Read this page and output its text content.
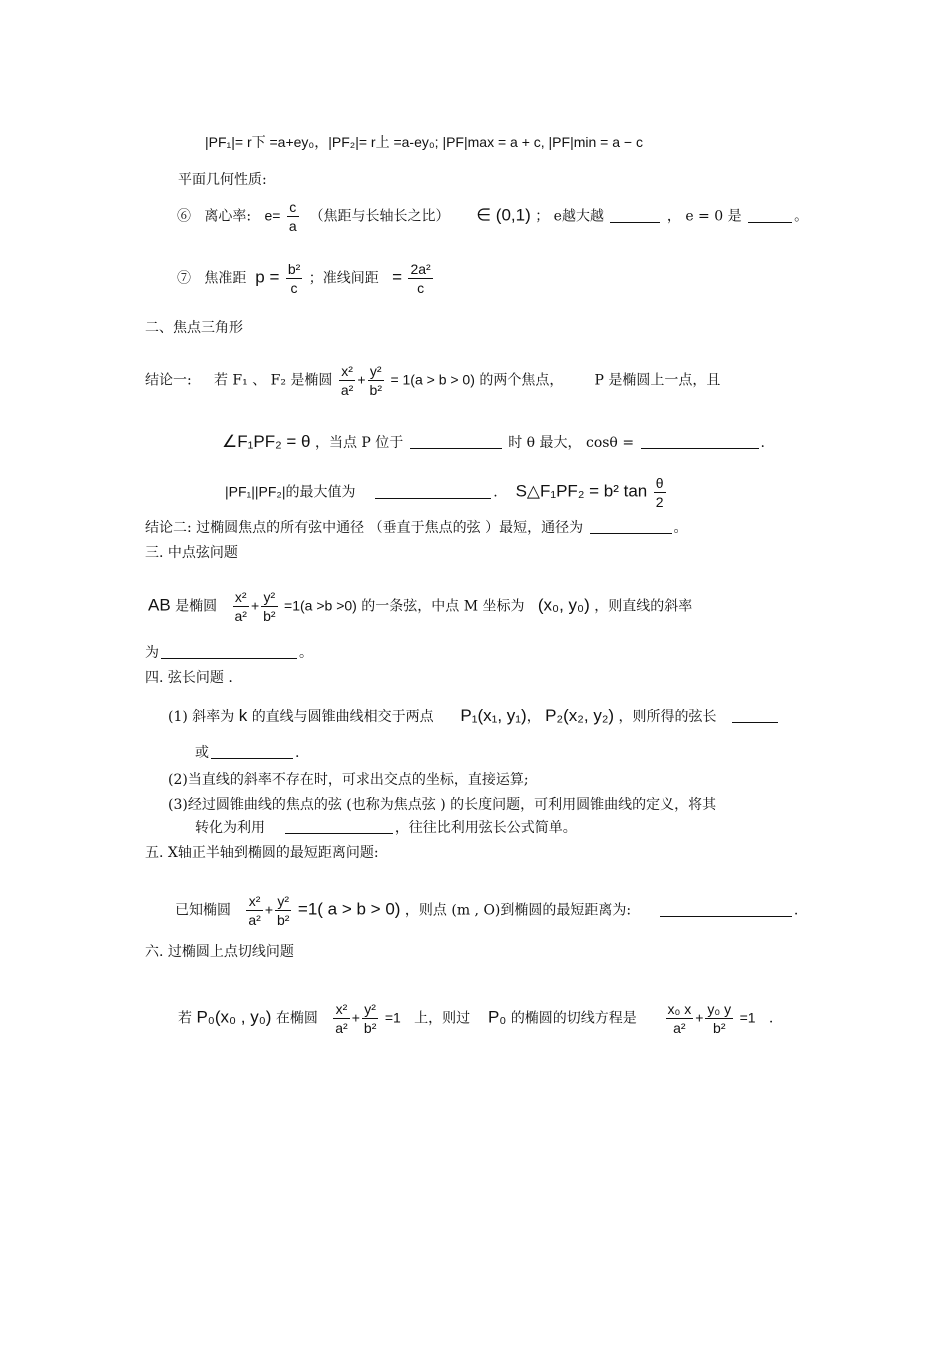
|PF₁|= r下 =a+ey₀，|PF₂|= r上 =a-ey₀; |PF|max = a + c, |PF|min = a − c
平面几何性质:
⑥ 离心率: $e= \frac{c}{a}$ （焦距与长轴长之比） ∈ (0,1) ； e越大越	， e = 0 是	。
⑦ 焦准距 $p = \frac{\text{b²}}{c}$ ；准线间距 = $\frac{\text{2a²}}{c}$
二、焦点三角形
结论一: 若 F₁ 、 F₂ 是椭圆 $\frac{\text{x²}}{\text{a²}} + \frac{\text{y²}}{\text{b²}} = 1(a > b > 0)$ 的两个焦点， P 是椭圆上一点，且
∠F₁PF₂ = θ ，当点 P 位于	时 θ 最大， cosθ =	.
|PF₁||PF₂|的最大值为	. S△F₁PF₂ = b² $\tan \frac{\theta}{2}$
结论二: 过椭圆焦点的所有弦中通径 （垂直于焦点的弦 ）最短，通径为	。
三. 中点弦问题
AB 是椭圆 $\frac{\text{x²}}{\text{a²}} + \frac{\text{y²}}{\text{b²}} =1(a >b >0)$ 的一条弦，中点 M 坐标为 (x₀, y₀) ，则直线的斜率
为	。
四. 弦长问题 .
(1) 斜率为 k 的直线与圆锥曲线相交于两点 P₁(x₁, y₁)， P₂(x₂, y₂) ，则所得的弦长
或	.
(2)当直线的斜率不存在时，可求出交点的坐标，直接运算;
(3)经过圆锥曲线的焦点的弦 (也称为焦点弦 ) 的长度问题，可利用圆锥曲线的定义，将其
转化为利用	，往往比利用弦长公式简单。
五. X轴正半轴到椭圆的最短距离问题:
已知椭圆 $\frac{\text{x²}}{\text{a²}} + \frac{\text{y²}}{\text{b²}} =1$( a > b > 0) ，则点 (m , O)到椭圆的最短距离为:	.
六. 过椭圆上点切线问题
若 P₀(x₀ , y₀) 在椭圆 $\frac{\text{x²}}{\text{a²}} + \frac{\text{y²}}{\text{b²}} =1$ 上，则过 P₀ 的椭圆的切线方程是 $\frac{\text{x₀ x}}{\text{a²}} + \frac{\text{y₀ y}}{\text{b²}} =1$ .
